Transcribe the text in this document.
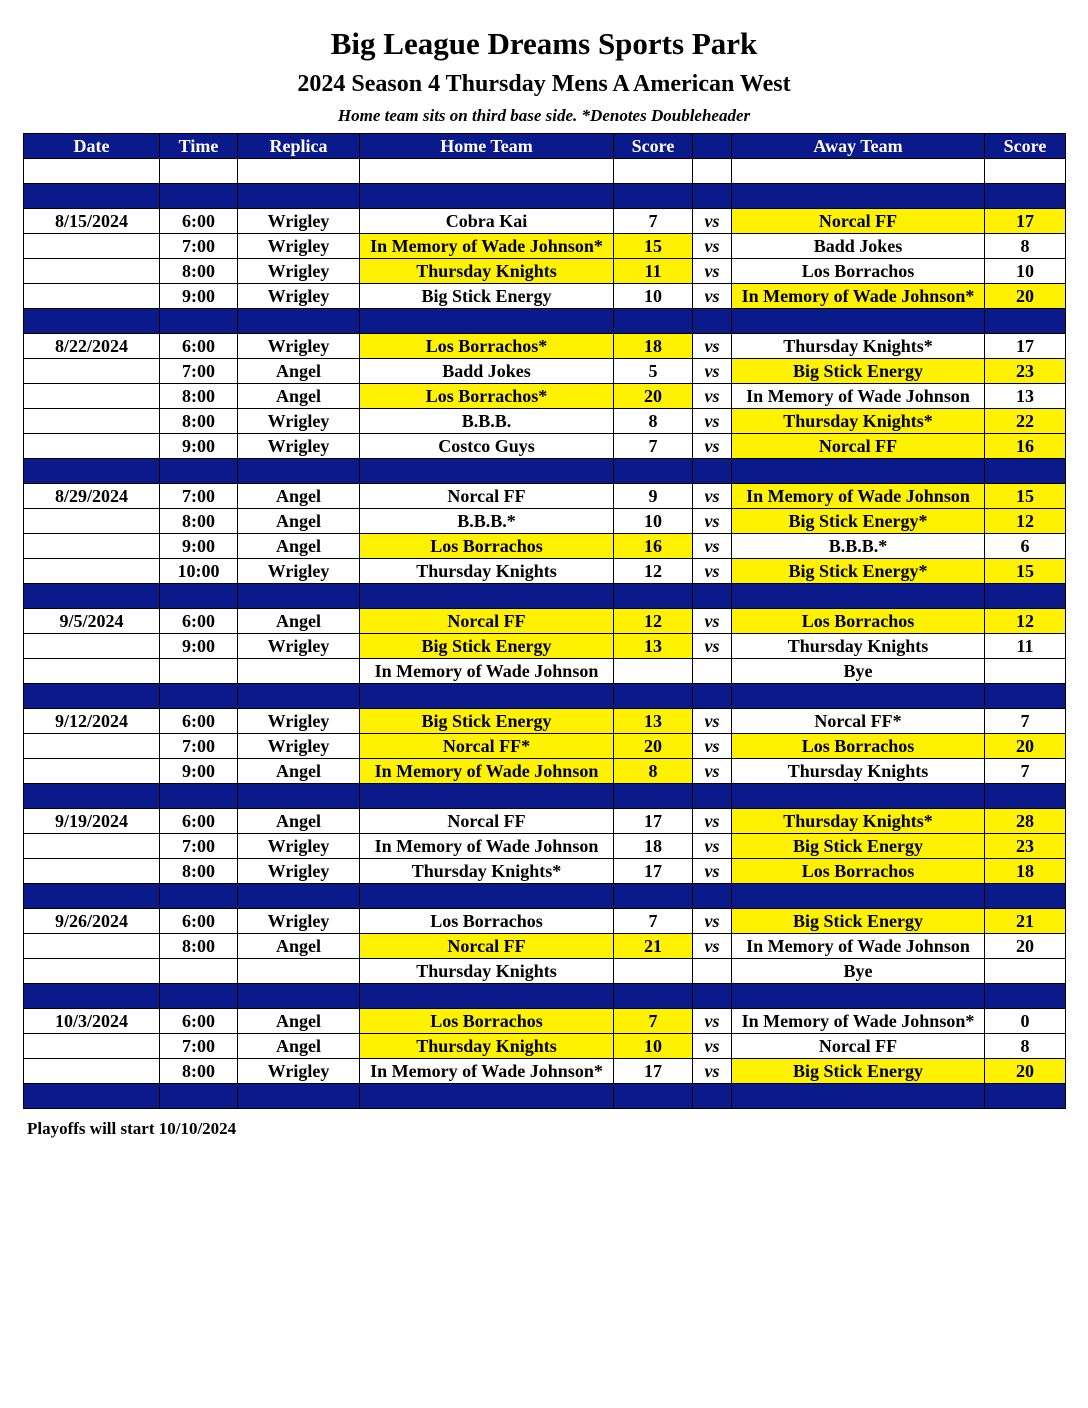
Big League Dreams Sports Park
2024 Season 4 Thursday Mens A American West
Home team sits on third base side. *Denotes Doubleheader
Date	Time	Replica	Home Team	Score		Away Team	Score

8/15/2024	6:00	Wrigley	Cobra Kai	7	vs	Norcal FF	17
	7:00	Wrigley	In Memory of Wade Johnson*	15	vs	Badd Jokes	8
	8:00	Wrigley	Thursday Knights	11	vs	Los Borrachos	10
	9:00	Wrigley	Big Stick Energy	10	vs	In Memory of Wade Johnson*	20

8/22/2024	6:00	Wrigley	Los Borrachos*	18	vs	Thursday Knights*	17
	7:00	Angel	Badd Jokes	5	vs	Big Stick Energy	23
	8:00	Angel	Los Borrachos*	20	vs	In Memory of Wade Johnson	13
	8:00	Wrigley	B.B.B.	8	vs	Thursday Knights*	22
	9:00	Wrigley	Costco Guys	7	vs	Norcal FF	16

8/29/2024	7:00	Angel	Norcal FF	9	vs	In Memory of Wade Johnson	15
	8:00	Angel	B.B.B.*	10	vs	Big Stick Energy*	12
	9:00	Angel	Los Borrachos	16	vs	B.B.B.*	6
	10:00	Wrigley	Thursday Knights	12	vs	Big Stick Energy*	15

9/5/2024	6:00	Angel	Norcal FF	12	vs	Los Borrachos	12
	9:00	Wrigley	Big Stick Energy	13	vs	Thursday Knights	11
			In Memory of Wade Johnson			Bye	

9/12/2024	6:00	Wrigley	Big Stick Energy	13	vs	Norcal FF*	7
	7:00	Wrigley	Norcal FF*	20	vs	Los Borrachos	20
	9:00	Angel	In Memory of Wade Johnson	8	vs	Thursday Knights	7

9/19/2024	6:00	Angel	Norcal FF	17	vs	Thursday Knights*	28
	7:00	Wrigley	In Memory of Wade Johnson	18	vs	Big Stick Energy	23
	8:00	Wrigley	Thursday Knights*	17	vs	Los Borrachos	18

9/26/2024	6:00	Wrigley	Los Borrachos	7	vs	Big Stick Energy	21
	8:00	Angel	Norcal FF	21	vs	In Memory of Wade Johnson	20
			Thursday Knights			Bye	

10/3/2024	6:00	Angel	Los Borrachos	7	vs	In Memory of Wade Johnson*	0
	7:00	Angel	Thursday Knights	10	vs	Norcal FF	8
	8:00	Wrigley	In Memory of Wade Johnson*	17	vs	Big Stick Energy	20

Playoffs will start 10/10/2024
